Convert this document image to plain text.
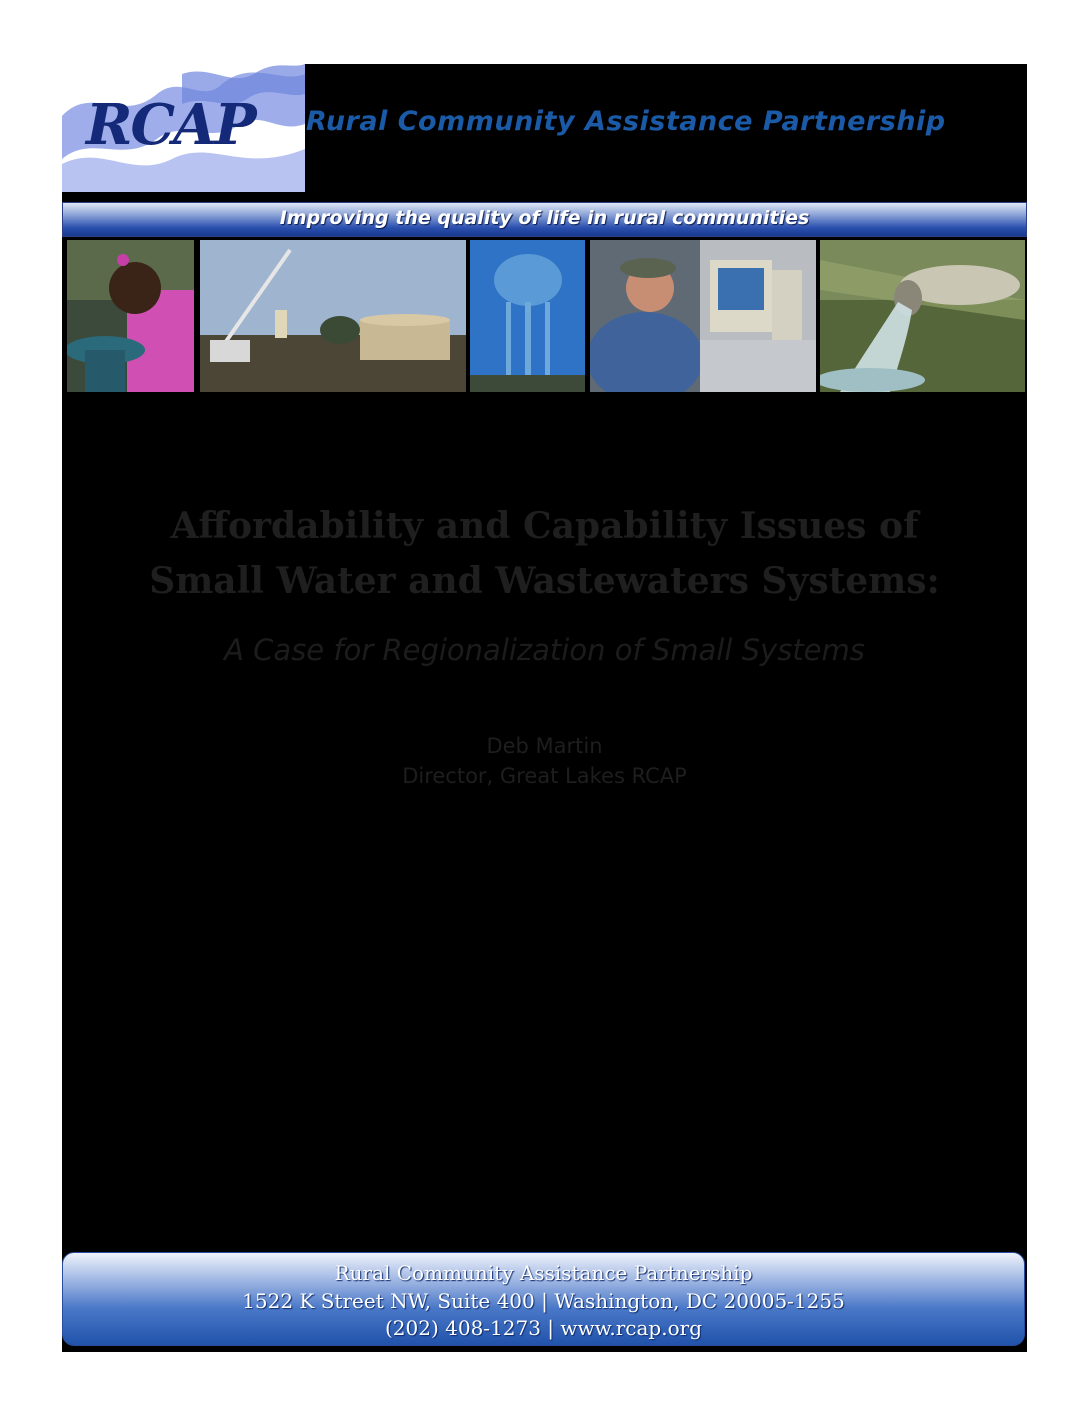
RCAP Rural Community Assistance Partnership
Improving the quality of life in rural communities
Affordability and Capability Issues of
Small Water and Wastewaters Systems:
A Case for Regionalization of Small Systems
Deb Martin
Director, Great Lakes RCAP
Rural Community Assistance Partnership
1522 K Street NW, Suite 400 | Washington, DC 20005-1255
(202) 408-1273 | www.rcap.org
